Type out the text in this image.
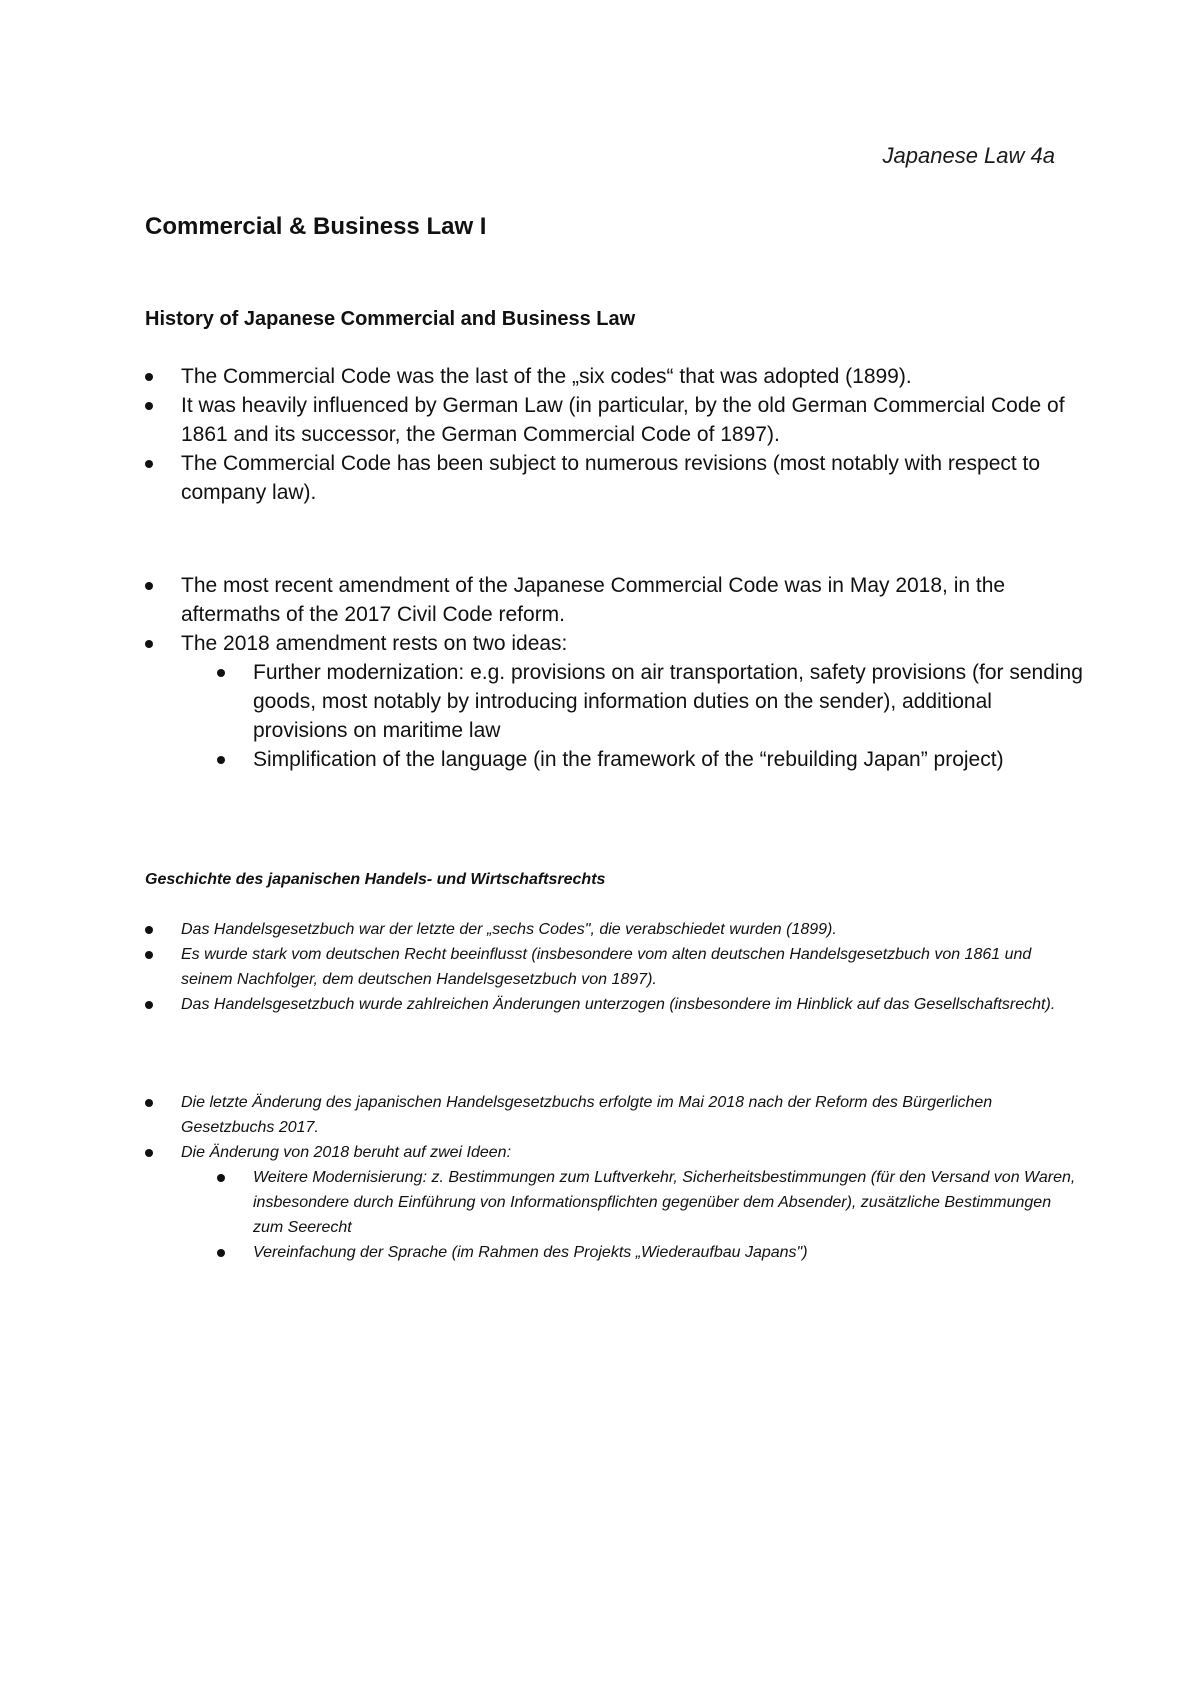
Japanese Law 4a
Commercial & Business Law I
History of Japanese Commercial and Business Law
The Commercial Code was the last of the „six codes“ that was adopted (1899).
It was heavily influenced by German Law (in particular, by the old German Commercial Code of 1861 and its successor, the German Commercial Code of 1897).
The Commercial Code has been subject to numerous revisions (most notably with respect to company law).
The most recent amendment of the Japanese Commercial Code was in May 2018, in the aftermaths of the 2017 Civil Code reform.
The 2018 amendment rests on two ideas:
Further modernization: e.g. provisions on air transportation, safety provisions (for sending goods, most notably by introducing information duties on the sender), additional provisions on maritime law
Simplification of the language (in the framework of the “rebuilding Japan” project)
Geschichte des japanischen Handels- und Wirtschaftsrechts
Das Handelsgesetzbuch war der letzte der „sechs Codes", die verabschiedet wurden (1899).
Es wurde stark vom deutschen Recht beeinflusst (insbesondere vom alten deutschen Handelsgesetzbuch von 1861 und seinem Nachfolger, dem deutschen Handelsgesetzbuch von 1897).
Das Handelsgesetzbuch wurde zahlreichen Änderungen unterzogen (insbesondere im Hinblick auf das Gesellschaftsrecht).
Die letzte Änderung des japanischen Handelsgesetzbuchs erfolgte im Mai 2018 nach der Reform des Bürgerlichen Gesetzbuchs 2017.
Die Änderung von 2018 beruht auf zwei Ideen:
Weitere Modernisierung: z. Bestimmungen zum Luftverkehr, Sicherheitsbestimmungen (für den Versand von Waren, insbesondere durch Einführung von Informationspflichten gegenüber dem Absender), zusätzliche Bestimmungen zum Seerecht
Vereinfachung der Sprache (im Rahmen des Projekts „Wiederaufbau Japans")
